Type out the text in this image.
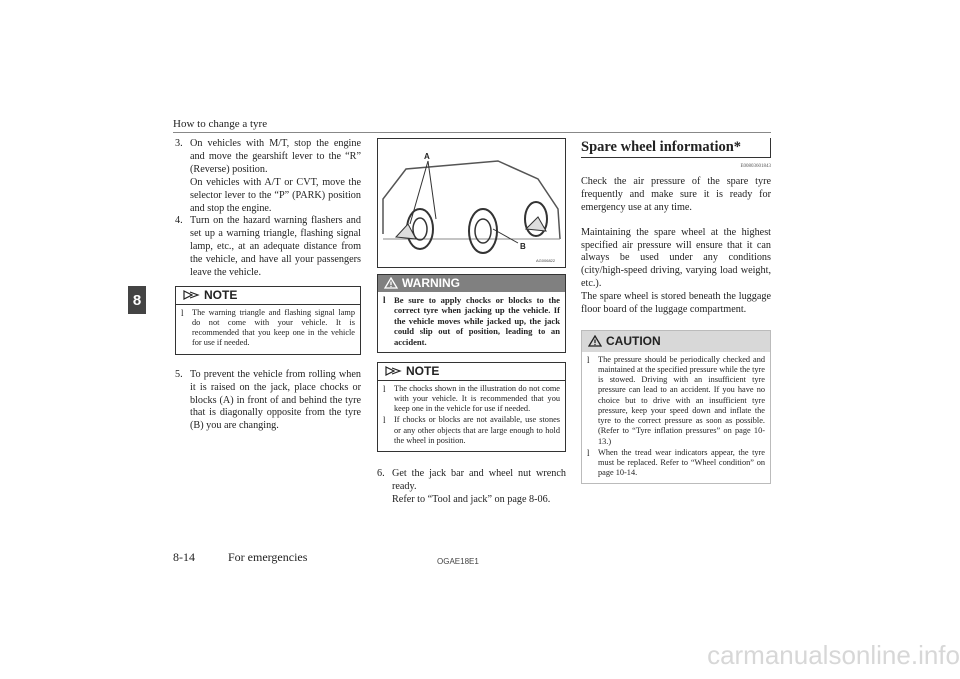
How to change a tyre
8
3. On vehicles with M/T, stop the engine and move the gearshift lever to the “R” (Reverse) position.

On vehicles with A/T or CVT, move the selector lever to the “P” (PARK) position and stop the engine.

4. Turn on the hazard warning flashers and set up a warning triangle, flashing signal lamp, etc., at an adequate distance from the vehicle, and have all your passengers leave the vehicle.

NOTE
l	The warning triangle and flashing signal lamp do not come with your vehicle. It is recommended that you keep one in the vehicle for use if needed.
5. To prevent the vehicle from rolling when it is raised on the jack, place chocks or blocks (A) in front of and behind the tyre that is diagonally opposite from the tyre (B) you are changing.

A
B
AG006822
WARNING
l Be sure to apply chocks or blocks to the correct tyre when jacking up the vehicle. If the vehicle moves while jacked up, the jack could slip out of position, leading to an accident.
NOTE
l	The chocks shown in the illustration do not come with your vehicle. It is recommended that you keep one in the vehicle for use if needed.
l	If chocks or blocks are not available, use stones or any other objects that are large enough to hold the wheel in position.
6. Get the jack bar and wheel nut wrench ready.

Refer to “Tool and jack” on page 8-06.

Spare wheel information*
E00803601843

Check the air pressure of the spare tyre frequently and make sure it is ready for emergency use at any time.

Maintaining the spare wheel at the highest specified air pressure will ensure that it can always be used under any conditions (city/high-speed driving, varying load weight, etc.).

The spare wheel is stored beneath the luggage floor board of the luggage compartment.

CAUTION
l	The pressure should be periodically checked and maintained at the specified pressure while the tyre is stowed. Driving with an insufficient tyre pressure can lead to an accident. If you have no choice but to drive with an insufficient tyre pressure, keep your speed down and inflate the tyre to the correct pressure as soon as possible. (Refer to “Tyre inflation pressures” on page 10-13.)
l	When the tread wear indicators appear, the tyre must be replaced. Refer to “Wheel condition” on page 10-14.
8-14	For emergencies	OGAE18E1
carmanualsonline.info
